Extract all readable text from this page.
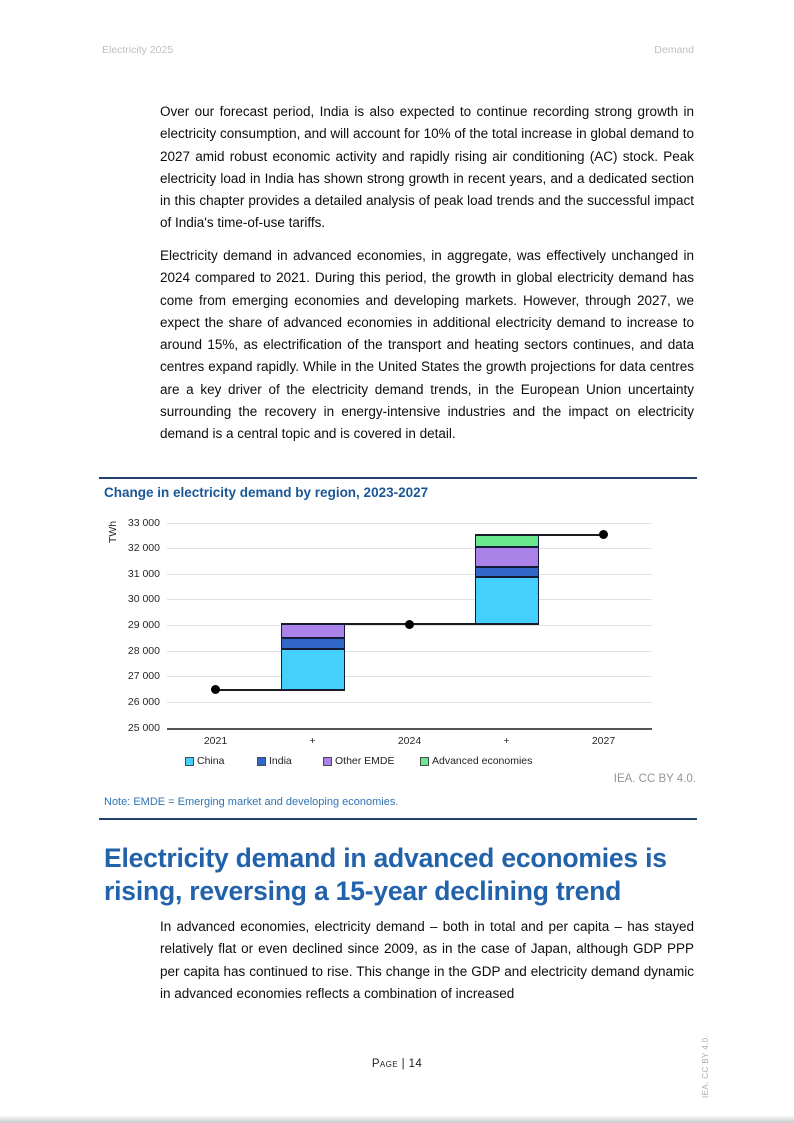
Electricity 2025	Demand
Over our forecast period, India is also expected to continue recording strong growth in electricity consumption, and will account for 10% of the total increase in global demand to 2027 amid robust economic activity and rapidly rising air conditioning (AC) stock. Peak electricity load in India has shown strong growth in recent years, and a dedicated section in this chapter provides a detailed analysis of peak load trends and the successful impact of India's time-of-use tariffs.
Electricity demand in advanced economies, in aggregate, was effectively unchanged in 2024 compared to 2021. During this period, the growth in global electricity demand has come from emerging economies and developing markets. However, through 2027, we expect the share of advanced economies in additional electricity demand to increase to around 15%, as electrification of the transport and heating sectors continues, and data centres expand rapidly. While in the United States the growth projections for data centres are a key driver of the electricity demand trends, in the European Union uncertainty surrounding the recovery in energy-intensive industries and the impact on electricity demand is a central topic and is covered in detail.
Change in electricity demand by region, 2023-2027
TWh 33 000
32 000
31 000
30 000
29 000
28 000
27 000
26 000
25 000
2021	+	2024	+	2027
China	India	Other EMDE	Advanced economies
IEA. CC BY 4.0.
Note: EMDE = Emerging market and developing economies.
Electricity demand in advanced economies is rising, reversing a 15-year declining trend
In advanced economies, electricity demand – both in total and per capita – has stayed relatively flat or even declined since 2009, as in the case of Japan, although GDP PPP per capita has continued to rise. This change in the GDP and electricity demand dynamic in advanced economies reflects a combination of increased
Page | 14	IEA. CC BY 4.0.
